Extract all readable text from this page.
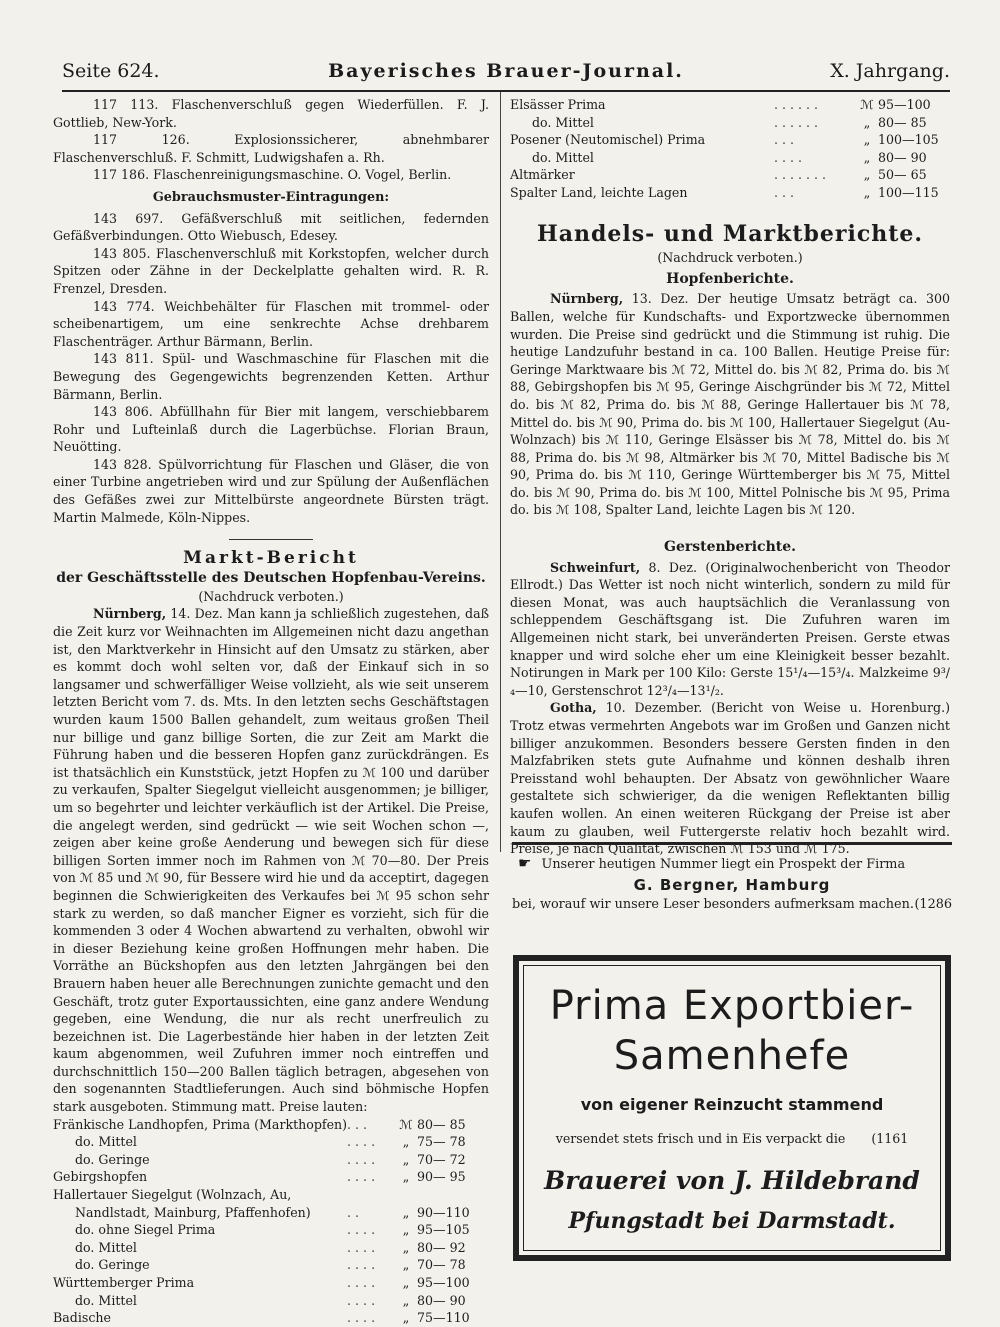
Seite 624.	Bayerisches Brauer-Journal.	X. Jahrgang.

117 113. Flaschenverschluß gegen Wiederfüllen. F. J. Gottlieb, New-York.

117 126. Explosionssicherer, abnehmbarer Flaschenverschluß. F. Schmitt, Ludwigshafen a. Rh.

117 186. Flaschenreinigungsmaschine. O. Vogel, Berlin.

Gebrauchsmuster-Eintragungen:

143 697. Gefäßverschluß mit seitlichen, federnden Gefäßverbindungen. Otto Wiebusch, Edesey.

143 805. Flaschenverschluß mit Korkstopfen, welcher durch Spitzen oder Zähne in der Deckelplatte gehalten wird. R. R. Frenzel, Dresden.

143 774. Weichbehälter für Flaschen mit trommel- oder scheibenartigem, um eine senkrechte Achse drehbarem Flaschenträger. Arthur Bärmann, Berlin.

143 811. Spül- und Waschmaschine für Flaschen mit die Bewegung des Gegengewichts begrenzenden Ketten. Arthur Bärmann, Berlin.

143 806. Abfüllhahn für Bier mit langem, verschiebbarem Rohr und Lufteinlaß durch die Lagerbüchse. Florian Braun, Neuötting.

143 828. Spülvorrichtung für Flaschen und Gläser, die von einer Turbine angetrieben wird und zur Spülung der Außenflächen des Gefäßes zwei zur Mittelbürste angeordnete Bürsten trägt. Martin Malmede, Köln-Nippes.

Markt-Bericht
der Geschäftsstelle des Deutschen Hopfenbau-Vereins.
(Nachdruck verboten.)

Nürnberg, 14. Dez. Man kann ja schließlich zugestehen, daß die Zeit kurz vor Weihnachten im Allgemeinen nicht dazu angethan ist, den Marktverkehr in Hinsicht auf den Umsatz zu stärken, aber es kommt doch wohl selten vor, daß der Einkauf sich in so langsamer und schwerfälliger Weise vollzieht, als wie seit unserem letzten Bericht vom 7. ds. Mts. In den letzten sechs Geschäftstagen wurden kaum 1500 Ballen gehandelt, zum weitaus großen Theil nur billige und ganz billige Sorten, die zur Zeit am Markt die Führung haben und die besseren Hopfen ganz zurückdrängen. Es ist thatsächlich ein Kunststück, jetzt Hopfen zu ℳ 100 und darüber zu verkaufen, Spalter Siegelgut vielleicht ausgenommen; je billiger, um so begehrter und leichter verkäuflich ist der Artikel. Die Preise, die angelegt werden, sind gedrückt — wie seit Wochen schon —, zeigen aber keine große Aenderung und bewegen sich für diese billigen Sorten immer noch im Rahmen von ℳ 70—80. Der Preis von ℳ 85 und ℳ 90, für Bessere wird hie und da acceptirt, dagegen beginnen die Schwierigkeiten des Verkaufes bei ℳ 95 schon sehr stark zu werden, so daß mancher Eigner es vorzieht, sich für die kommenden 3 oder 4 Wochen abwartend zu verhalten, obwohl wir in dieser Beziehung keine großen Hoffnungen mehr haben. Die Vorräthe an Bückshopfen aus den letzten Jahrgängen bei den Brauern haben heuer alle Berechnungen zunichte gemacht und den Geschäft, trotz guter Exportaussichten, eine ganz andere Wendung gegeben, eine Wendung, die nur als recht unerfreulich zu bezeichnen ist. Die Lagerbestände hier haben in der letzten Zeit kaum abgenommen, weil Zufuhren immer noch eintreffen und durchschnittlich 150—200 Ballen täglich betragen, abgesehen von den sogenannten Stadtlieferungen. Auch sind böhmische Hopfen stark ausgeboten. Stimmung matt. Preise lauten:

Fränkische Landhopfen, Prima (Markthopfen)	. . .	ℳ	80— 85
do. Mittel	. . . .	„	75— 78
do. Geringe	. . . .	„	70— 72
Gebirgshopfen	. . . .	„	90— 95
Hallertauer Siegelgut (Wolnzach, Au,			
Nandlstadt, Mainburg, Pfaffenhofen)	. .	„	90—110
do. ohne Siegel Prima	. . . .	„	95—105
do. Mittel	. . . .	„	80— 92
do. Geringe	. . . .	„	70— 78
Württemberger Prima	. . . .	„	95—100
do. Mittel	. . . .	„	80— 90
Badische	. . . .	„	75—110
Elsässer Prima	. . . . . .	ℳ	95—100
do. Mittel	. . . . . .	„	80— 85
Posener (Neutomischel) Prima	. . .	„	100—105
do. Mittel	. . . .	„	80— 90
Altmärker	. . . . . . .	„	50— 65
Spalter Land, leichte Lagen	. . .	„	100—115
Handels- und Marktberichte.
(Nachdruck verboten.)
Hopfenberichte.

Nürnberg, 13. Dez. Der heutige Umsatz beträgt ca. 300 Ballen, welche für Kundschafts- und Exportzwecke übernommen wurden. Die Preise sind gedrückt und die Stimmung ist ruhig. Die heutige Landzufuhr bestand in ca. 100 Ballen. Heutige Preise für: Geringe Marktwaare bis ℳ 72, Mittel do. bis ℳ 82, Prima do. bis ℳ 88, Gebirgshopfen bis ℳ 95, Geringe Aischgründer bis ℳ 72, Mittel do. bis ℳ 82, Prima do. bis ℳ 88, Geringe Hallertauer bis ℳ 78, Mittel do. bis ℳ 90, Prima do. bis ℳ 100, Hallertauer Siegelgut (Au-Wolnzach) bis ℳ 110, Geringe Elsässer bis ℳ 78, Mittel do. bis ℳ 88, Prima do. bis ℳ 98, Altmärker bis ℳ 70, Mittel Badische bis ℳ 90, Prima do. bis ℳ 110, Geringe Württemberger bis ℳ 75, Mittel do. bis ℳ 90, Prima do. bis ℳ 100, Mittel Polnische bis ℳ 95, Prima do. bis ℳ 108, Spalter Land, leichte Lagen bis ℳ 120.

Gerstenberichte.

Schweinfurt, 8. Dez. (Originalwochenbericht von Theodor Ellrodt.) Das Wetter ist noch nicht winterlich, sondern zu mild für diesen Monat, was auch hauptsächlich die Veranlassung von schleppendem Geschäftsgang ist. Die Zufuhren waren im Allgemeinen nicht stark, bei unveränderten Preisen. Gerste etwas knapper und wird solche eher um eine Kleinigkeit besser bezahlt. Notirungen in Mark per 100 Kilo: Gerste 15¹/₄—15³/₄. Malzkeime 9³/₄—10, Gerstenschrot 12³/₄—13¹/₂.

Gotha, 10. Dezember. (Bericht von Weise u. Horenburg.) Trotz etwas vermehrten Angebots war im Großen und Ganzen nicht billiger anzukommen. Besonders bessere Gersten finden in den Malzfabriken stets gute Aufnahme und können deshalb ihren Preisstand wohl behaupten. Der Absatz von gewöhnlicher Waare gestaltete sich schwieriger, da die wenigen Reflektanten billig kaufen wollen. An einen weiteren Rückgang der Preise ist aber kaum zu glauben, weil Futtergerste relativ hoch bezahlt wird. Preise, je nach Qualität, zwischen ℳ 153 und ℳ 175.

☛ Unserer heutigen Nummer liegt ein Prospekt der Firma
G. Bergner, Hamburg
bei, worauf wir unsere Leser besonders aufmerksam machen. (1286
Prima Exportbier-
Samenhefe
von eigener Reinzucht stammend
versendet stets frisch und in Eis verpackt die (1161
Brauerei von J. Hildebrand
Pfungstadt bei Darmstadt.
